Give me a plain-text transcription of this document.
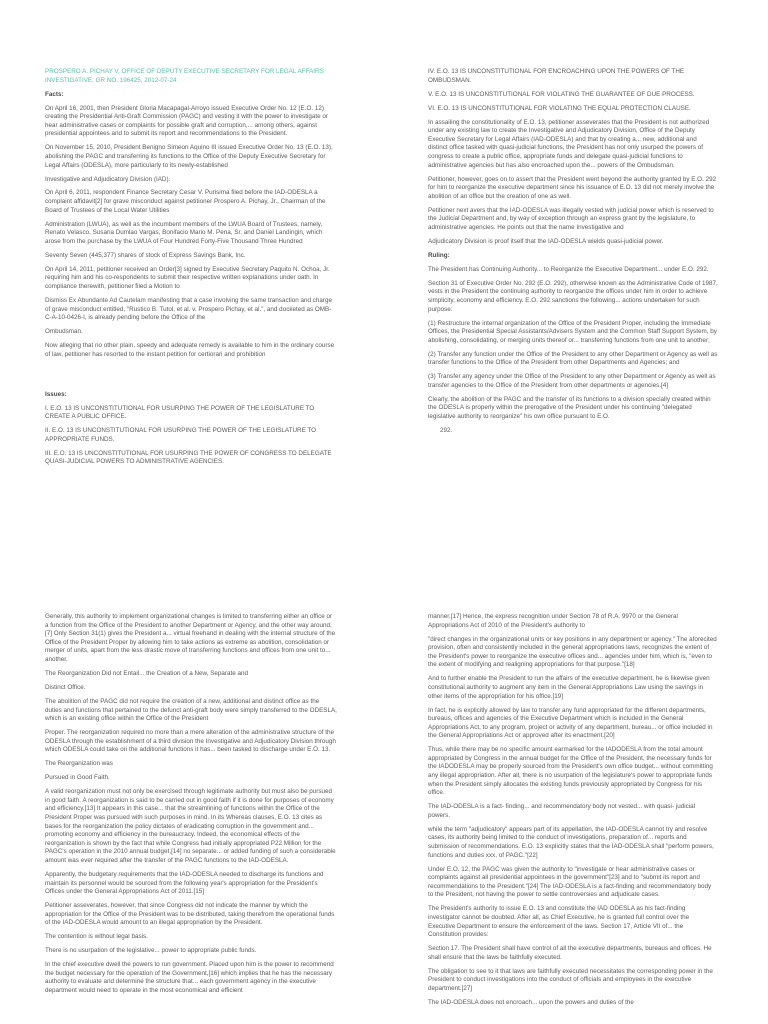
PROSPERO A. PICHAY V. OFFICE OF DEPUTY EXECUTIVE SECRETARY FOR LEGAL AFFAIRS INVESTIGATIVE, GR NO. 196425, 2012-07-24

Facts:

On April 16, 2001, then President Gloria Macapagal-Arroyo issued Executive Order No. 12 (E.O. 12) creating the Presidential Anti-Graft Commission (PAGC) and vesting it with the power to investigate or hear administrative cases or complaints for possible graft and corruption,... among others, against presidential appointees and to submit its report and recommendations to the President.

On November 15, 2010, President Benigno Simeon Aquino III issued Executive Order No. 13 (E.O. 13), abolishing the PAGC and transferring its functions to the Office of the Deputy Executive Secretary for Legal Affairs (ODESLA), more particularly to its newly-established

Investigative and Adjudicatory Division (IAD).

On April 6, 2011, respondent Finance Secretary Cesar V. Purisima filed before the IAD-ODESLA a complaint affidavit[2] for grave misconduct against petitioner Prospero A. Pichay, Jr., Chairman of the Board of Trustees of the Local Water Utilities

Administration (LWUA), as well as the incumbent members of the LWUA Board of Trustees, namely, Renato Velasco, Susana Dumlao Vargas, Bonifacio Mario M. Pena, Sr. and Daniel Landingin, which arose from the purchase by the LWUA of Four Hundred Forty-Five Thousand Three Hundred

Seventy Seven (445,377) shares of stock of Express Savings Bank, Inc.

On April 14, 2011, petitioner received an Order[3] signed by Executive Secretary Paquito N. Ochoa, Jr. requiring him and his co-respondents to submit their respective written explanations under oath. In compliance therewith, petitioner filed a Motion to

Dismiss Ex Abundante Ad Cautelam manifesting that a case involving the same transaction and charge of grave misconduct entitled, "Rustico B. Tutol, et al. v. Prospero Pichay, et al.", and docketed as OMB-C-A-10-0426-I, is already pending before the Office of the

Ombudsman.

Now alleging that no other plain, speedy and adequate remedy is available to him in the ordinary course of law, petitioner has resorted to the instant petition for certiorari and prohibition

Issues:

I. E.O. 13 IS UNCONSTITUTIONAL FOR USURPING THE POWER OF THE LEGISLATURE TO CREATE A PUBLIC OFFICE.

II. E.O. 13 IS UNCONSTITUTIONAL FOR USURPING THE POWER OF THE LEGISLATURE TO APPROPRIATE FUNDS.

III. E.O. 13 IS UNCONSTITUTIONAL FOR USURPING THE POWER OF CONGRESS TO DELEGATE QUASI-JUDICIAL POWERS TO ADMINISTRATIVE AGENCIES.

IV. E.O. 13 IS UNCONSTITUTIONAL FOR ENCROACHING UPON THE POWERS OF THE OMBUDSMAN.

V. E.O. 13 IS UNCONSTITUTIONAL FOR VIOLATING THE GUARANTEE OF DUE PROCESS.

VI. E.O. 13 IS UNCONSTITUTIONAL FOR VIOLATING THE EQUAL PROTECTION CLAUSE.

In assailing the constitutionality of E.O. 13, petitioner asseverates that the President is not authorized under any existing law to create the Investigative and Adjudicatory Division, Office of the Deputy Executive Secretary for Legal Affairs (IAD-ODESLA) and that by creating a... new, additional and distinct office tasked with quasi-judicial functions, the President has not only usurped the powers of congress to create a public office, appropriate funds and delegate quasi-judicial functions to administrative agencies but has also encroached upon the... powers of the Ombudsman.

Petitioner, however, goes on to assert that the President went beyond the authority granted by E.O. 292 for him to reorganize the executive department since his issuance of E.O. 13 did not merely involve the abolition of an office but the creation of one as well.

Petitioner next avers that the IAD-ODESLA was illegally vested with judicial power which is reserved to the Judicial Department and, by way of exception through an express grant by the legislature, to administrative agencies. He points out that the name Investigative and

Adjudicatory Division is proof itself that the IAD-ODESLA wields quasi-judicial power.

Ruling:

The President has Continuing Authority... to Reorganize the Executive Department... under E.O. 292.

Section 31 of Executive Order No. 292 (E.O. 292), otherwise known as the Administrative Code of 1987, vests in the President the continuing authority to reorganize the offices under him in order to achieve simplicity, economy and efficiency. E.O. 292 sanctions the following... actions undertaken for such purpose:

(1) Restructure the internal organization of the Office of the President Proper, including the Immediate Offices, the Presidential Special Assistants/Advisers System and the Common Staff Support System, by abolishing, consolidating, or merging units thereof or... transferring functions from one unit to another;

(2) Transfer any function under the Office of the President to any other Department or Agency as well as transfer functions to the Office of the President from other Departments and Agencies; and

(3) Transfer any agency under the Office of the President to any other Department or Agency as well as transfer agencies to the Office of the President from other departments or agencies.[4]

Clearly, the abolition of the PAGC and the transfer of its functions to a division specially created within the ODESLA is properly within the prerogative of the President under his continuing "delegated legislative authority to reorganize" his own office pursuant to E.O.

292.

Generally, this authority to implement organizational changes is limited to transferring either an office or a function from the Office of the President to another Department or Agency, and the other way around.[7] Only Section 31(1) gives the President a... virtual freehand in dealing with the internal structure of the Office of the President Proper by allowing him to take actions as extreme as abolition, consolidation or merger of units, apart from the less drastic move of transferring functions and offices from one unit to... another.

The Reorganization Did not Entail... the Creation of a New, Separate and

Distinct Office.

The abolition of the PAGC did not require the creation of a new, additional and distinct office as the duties and functions that pertained to the defunct anti-graft body were simply transferred to the ODESLA, which is an existing office within the Office of the President

Proper. The reorganization required no more than a mere alteration of the administrative structure of the ODESLA through the establishment of a third division the Investigative and Adjudicatory Division through which ODESLA could take on the additional functions it has... been tasked to discharge under E.O. 13.

The Reorganization was

Pursued in Good Faith.

A valid reorganization must not only be exercised through legitimate authority but must also be pursued in good faith. A reorganization is said to be carried out in good faith if it is done for purposes of economy and efficiency.[13] It appears in this case... that the streamlining of functions within the Office of the President Proper was pursued with such purposes in mind. In its Whereas clauses, E.O. 13 cites as bases for the reorganization the policy dictates of eradicating corruption in the government and... promoting economy and efficiency in the bureaucracy. Indeed, the economical effects of the reorganization is shown by the fact that while Congress had initially appropriated P22 Million for the PAGC's operation in the 2010 annual budget,[14] no separate... or added funding of such a considerable amount was ever required after the transfer of the PAGC functions to the IAD-ODESLA.

Apparently, the budgetary requirements that the IAD-ODESLA needed to discharge its functions and maintain its personnel would be sourced from the following year's appropriation for the President's Offices under the General Appropriations Act of 2011.[15]

Petitioner asseverates, however, that since Congress did not indicate the manner by which the appropriation for the Office of the President was to be distributed, taking therefrom the operational funds of the IAD-ODESLA would amount to an illegal appropriation by the President.

The contention is without legal basis.

There is no usurpation of the legislative... power to appropriate public funds.

In the chief executive dwell the powers to run government. Placed upon him is the power to recommend the budget necessary for the operation of the Government,[16] which implies that he has the necessary authority to evaluate and determine the structure that... each government agency in the executive department would need to operate in the most economical and efficient

manner.[17] Hence, the express recognition under Section 78 of R.A. 9970 or the General Appropriations Act of 2010 of the President's authority to

"direct changes in the organizational units or key positions in any department or agency." The aforecited provision, often and consistently included in the general appropriations laws, recognizes the extent of the President's power to reorganize the executive offices and... agencies under him, which is, "even to the extent of modifying and realigning appropriations for that purpose."[18]

And to further enable the President to run the affairs of the executive department, he is likewise given constitutional authority to augment any item in the General Appropriations Law using the savings in other items of the appropriation for his office.[19]

In fact, he is explicitly allowed by law to transfer any fund appropriated for the different departments, bureaus, offices and agencies of the Executive Department which is included in the General Appropriations Act, to any program, project or activity of any department, bureau... or office included in the General Appropriations Act or approved after its enactment.[20]

Thus, while there may be no specific amount earmarked for the IADODESLA from the total amount appropriated by Congress in the annual budget for the Office of the President, the necessary funds for the IADODESLA may be properly sourced from the President's own office budget... without committing any illegal appropriation. After all, there is no usurpation of the legislature's power to appropriate funds when the President simply allocates the existing funds previously appropriated by Congress for his office.

The IAD-ODESLA is a fact- finding... and recommendatory body not vested... with quasi- judicial powers.

while the term "adjudicatory" appears part of its appellation, the IAD-ODESLA cannot try and resolve cases, its authority being limited to the conduct of investigations, preparation of... reports and submission of recommendations. E.O. 13 explicitly states that the IAD-ODESLA shall "perform powers, functions and duties xxx, of PAGC."[22]

Under E.O. 12, the PAGC was given the authority to "investigate or hear administrative cases or complaints against all presidential appointees in the government"[23] and to "submit its report and recommendations to the President."[24] The IAD-ODESLA is a fact-finding and recommendatory body to the President, not having the power to settle controversies and adjudicate cases.

The President's authority to issue E.O. 13 and constitute the IAD ODESLA as his fact-finding investigator cannot be doubted. After all, as Chief Executive, he is granted full control over the Executive Department to ensure the enforcement of the laws. Section 17, Article VII of... the Constitution provides:

Section 17. The President shall have control of all the executive departments, bureaus and offices. He shall ensure that the laws be faithfully executed.

The obligation to see to it that laws are faithfully executed necessitates the corresponding power in the President to conduct investigations into the conduct of officials and employees in the executive department.[27]

The IAD-ODESLA does not encroach... upon the powers and duties of the
